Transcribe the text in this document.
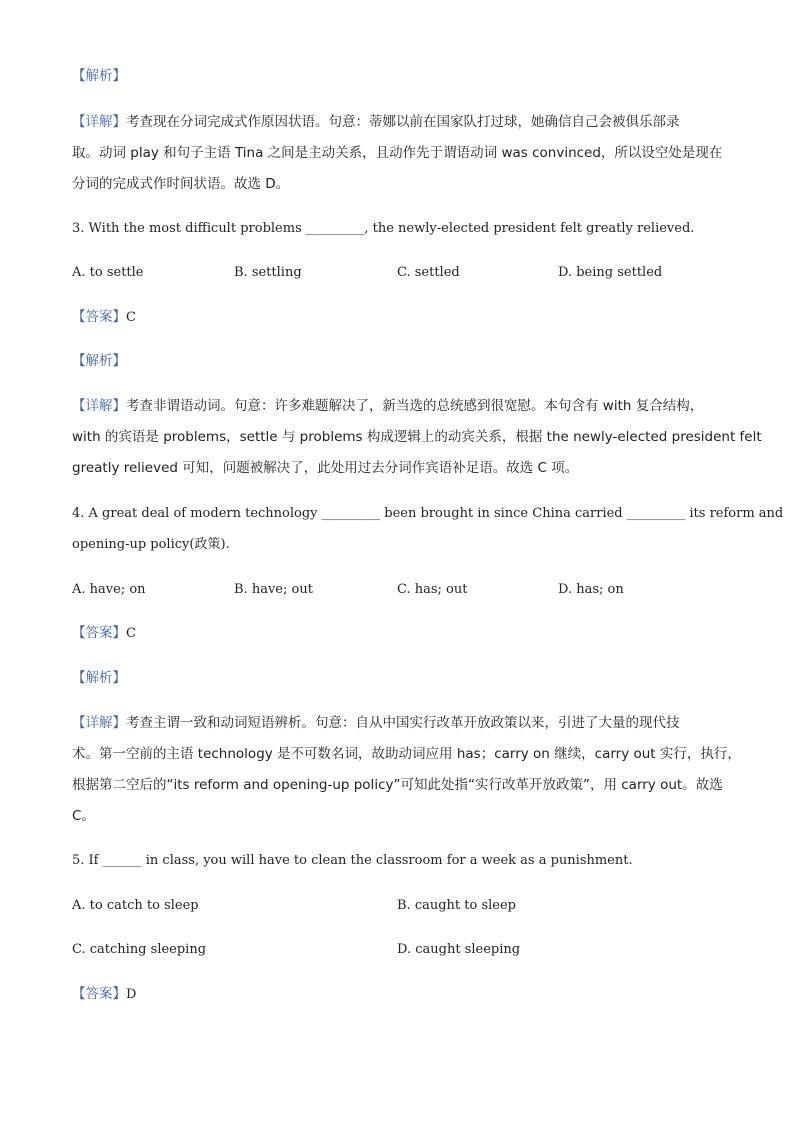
【解析】
【详解】考查现在分词完成式作原因状语。句意：蒂娜以前在国家队打过球，她确信自己会被俱乐部录
取。动词 play 和句子主语 Tina 之间是主动关系，且动作先于谓语动词 was convinced，所以设空处是现在
分词的完成式作时间状语。故选 D。
3. With the most difficult problems _________, the newly-elected president felt greatly relieved.
A. to settle	B. settling	C. settled	D. being settled
【答案】C
【解析】
【详解】考查非谓语动词。句意：许多难题解决了，新当选的总统感到很宽慰。本句含有 with 复合结构，
with 的宾语是 problems，settle 与 problems 构成逻辑上的动宾关系，根据 the newly-elected president felt
greatly relieved 可知，问题被解决了，此处用过去分词作宾语补足语。故选 C 项。
4. A great deal of modern technology _________ been brought in since China carried _________ its reform and
opening-up policy(政策).
A. have; on	B. have; out	C. has; out	D. has; on
【答案】C
【解析】
【详解】考查主谓一致和动词短语辨析。句意：自从中国实行改革开放政策以来，引进了大量的现代技
术。第一空前的主语 technology 是不可数名词，故助动词应用 has；carry on 继续，carry out 实行，执行，
根据第二空后的“its reform and opening-up policy”可知此处指“实行改革开放政策”，用 carry out。故选
C。
5. If ______ in class, you will have to clean the classroom for a week as a punishment.
A. to catch to sleep	B. caught to sleep
C. catching sleeping	D. caught sleeping
【答案】D
